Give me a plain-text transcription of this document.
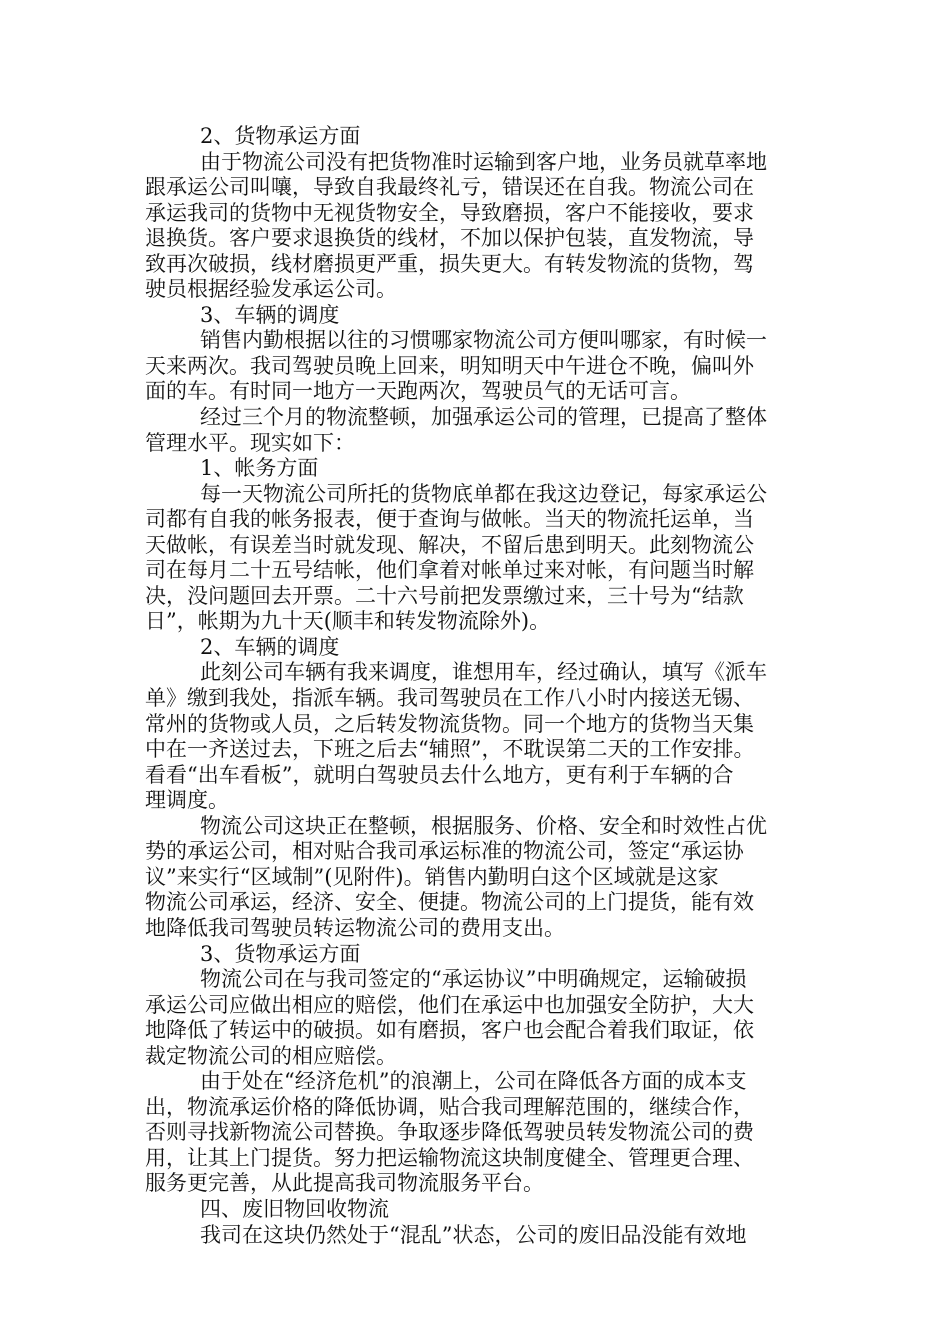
2、货物承运方面
由于物流公司没有把货物准时运输到客户地，业务员就草率地
跟承运公司叫嚷，导致自我最终礼亏，错误还在自我。物流公司在
承运我司的货物中无视货物安全，导致磨损，客户不能接收，要求
退换货。客户要求退换货的线材，不加以保护包装，直发物流，导
致再次破损，线材磨损更严重，损失更大。有转发物流的货物，驾
驶员根据经验发承运公司。
3、车辆的调度
销售内勤根据以往的习惯哪家物流公司方便叫哪家，有时候一
天来两次。我司驾驶员晚上回来，明知明天中午进仓不晚，偏叫外
面的车。有时同一地方一天跑两次，驾驶员气的无话可言。
经过三个月的物流整顿，加强承运公司的管理，已提高了整体
管理水平。现实如下：
1、帐务方面
每一天物流公司所托的货物底单都在我这边登记，每家承运公
司都有自我的帐务报表，便于查询与做帐。当天的物流托运单，当
天做帐，有误差当时就发现、解决，不留后患到明天。此刻物流公
司在每月二十五号结帐，他们拿着对帐单过来对帐，有问题当时解
决，没问题回去开票。二十六号前把发票缴过来，三十号为“结款
日”，帐期为九十天(顺丰和转发物流除外)。
2、车辆的调度
此刻公司车辆有我来调度，谁想用车，经过确认，填写《派车
单》缴到我处，指派车辆。我司驾驶员在工作八小时内接送无锡、
常州的货物或人员，之后转发物流货物。同一个地方的货物当天集
中在一齐送过去，下班之后去“辅照”，不耽误第二天的工作安排。
看看“出车看板”，就明白驾驶员去什么地方，更有利于车辆的合
理调度。
物流公司这块正在整顿，根据服务、价格、安全和时效性占优
势的承运公司，相对贴合我司承运标准的物流公司，签定“承运协
议”来实行“区域制”(见附件)。销售内勤明白这个区域就是这家
物流公司承运，经济、安全、便捷。物流公司的上门提货，能有效
地降低我司驾驶员转运物流公司的费用支出。
3、货物承运方面
物流公司在与我司签定的“承运协议”中明确规定，运输破损
承运公司应做出相应的赔偿，他们在承运中也加强安全防护，大大
地降低了转运中的破损。如有磨损，客户也会配合着我们取证，依
裁定物流公司的相应赔偿。
由于处在“经济危机”的浪潮上，公司在降低各方面的成本支
出，物流承运价格的降低协调，贴合我司理解范围的，继续合作，
否则寻找新物流公司替换。争取逐步降低驾驶员转发物流公司的费
用，让其上门提货。努力把运输物流这块制度健全、管理更合理、
服务更完善，从此提高我司物流服务平台。
四、废旧物回收物流
我司在这块仍然处于“混乱”状态，公司的废旧品没能有效地
